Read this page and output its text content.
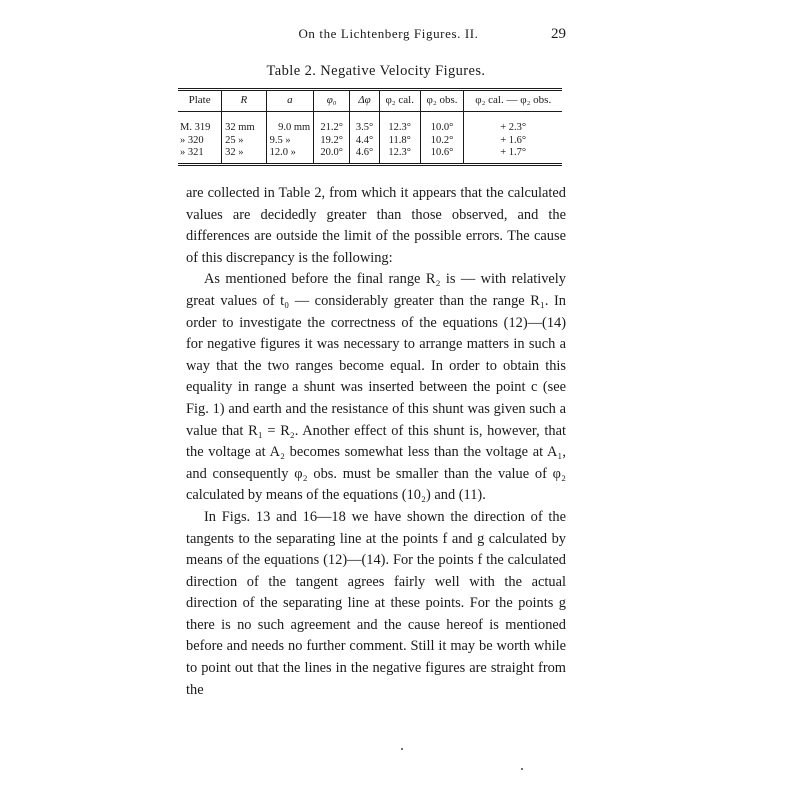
On the Lichtenberg Figures. II.	29
Table 2. Negative Velocity Figures.
Plate	R	a	φ₀	Δφ	φ₂ cal.	φ₂ obs.	φ₂ cal. — φ₂ obs.
M. 319	32 mm	9.0 mm	21.2°	3.5°	12.3°	10.0°	+ 2.3°
» 320	25 »	9.5 »	19.2°	4.4°	11.8°	10.2°	+ 1.6°
» 321	32 »	12.0 »	20.0°	4.6°	12.3°	10.6°	+ 1.7°

are collected in Table 2, from which it appears that the calculated values are decidedly greater than those observed, and the differences are outside the limit of the possible errors. The cause of this discrepancy is the following:

As mentioned before the final range R₂ is — with relatively great values of t₀ — considerably greater than the range R₁. In order to investigate the correctness of the equations (12)—(14) for negative figures it was necessary to arrange matters in such a way that the two ranges become equal. In order to obtain this equality in range a shunt was inserted between the point c (see Fig. 1) and earth and the resistance of this shunt was given such a value that R₁ = R₂. Another effect of this shunt is, however, that the voltage at A₂ becomes somewhat less than the voltage at A₁, and consequently φ₂ obs. must be smaller than the value of φ₂ calculated by means of the equations (10₂) and (11).

In Figs. 13 and 16—18 we have shown the direction of the tangents to the separating line at the points f and g calculated by means of the equations (12)—(14). For the points f the calculated direction of the tangent agrees fairly well with the actual direction of the separating line at these points. For the points g there is no such agreement and the cause hereof is mentioned before and needs no further comment. Still it may be worth while to point out that the lines in the negative figures are straight from the
